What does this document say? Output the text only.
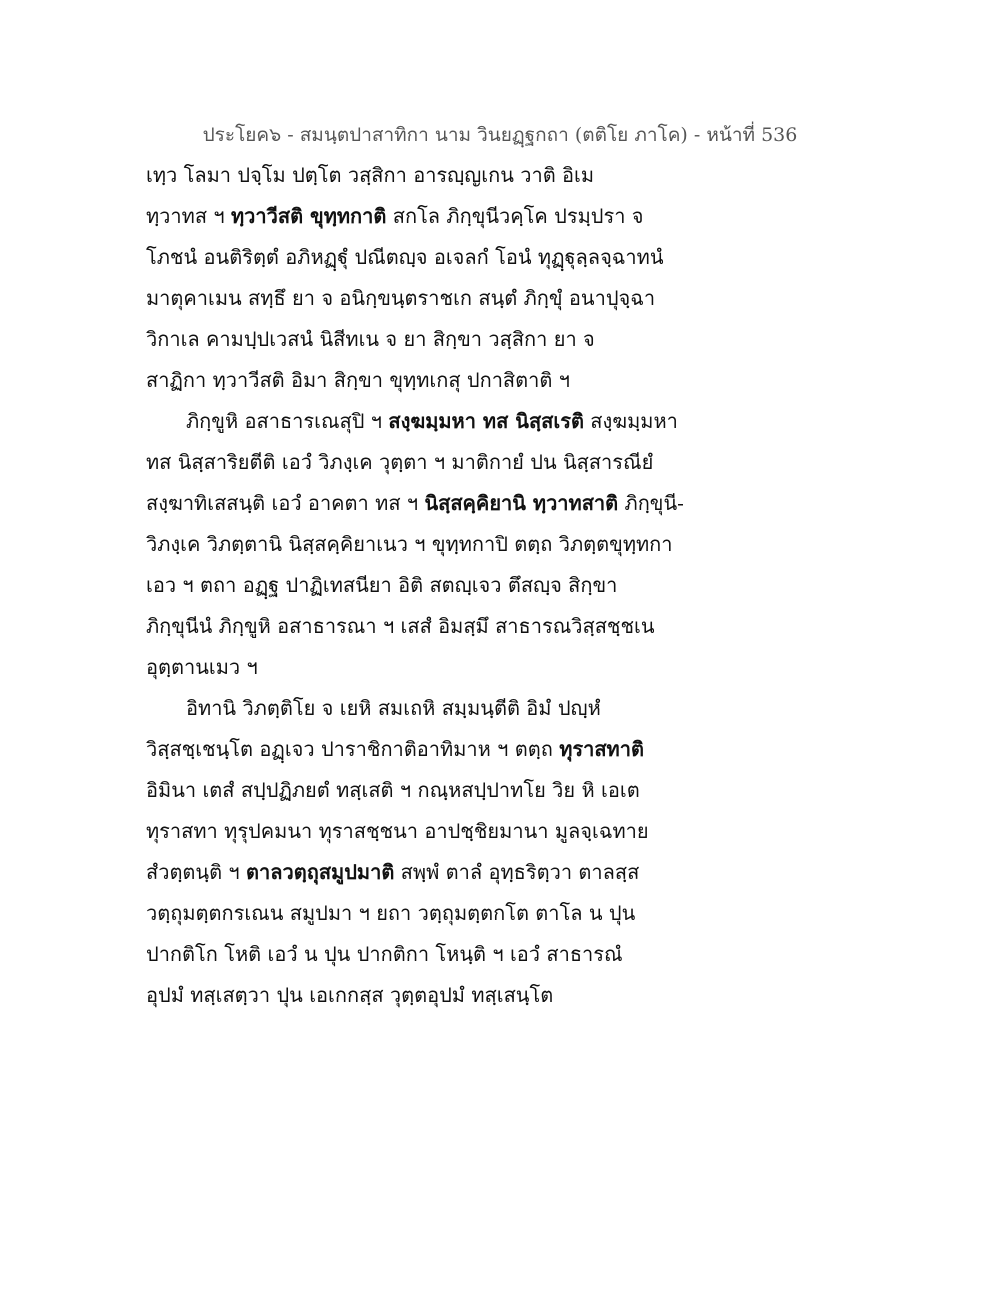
ประโยค๖ - สมนฺตปาสาทิกา นาม วินยฏฺฐกถา (ตติโย ภาโค) - หน้าที่ 536
เทฺว โลมา ปจฺโม ปตฺโต วสฺสิกา อารญฺญเกน วาติ อิเม
ทฺวาทส ฯ ทฺวาวีสติ ขุทฺทกาติ สกโล ภิกฺขุนีวคฺโค ปรมฺปรา จ
โภชนํ อนติริตฺตํ อภิหฏฺฐุํ ปณีตญฺจ อเจลกํ โอนํ ทุฏฺฐุลฺลจฺฉาทนํ
มาตุคาเมน สทฺธึ ยา จ อนิกฺขนฺตราชเก สนฺตํ ภิกฺขุํ อนาปุจฺฉา
วิกาเล คามปฺปเวสนํ นิสีทเน จ ยา สิกฺขา วสฺสิกา ยา จ
สาฏิกา ทฺวาวีสติ อิมา สิกฺขา ขุทฺทเกสุ ปกาสิตาติ ฯ
ภิกฺขูหิ อสาธารเณสุปิ ฯ สงฺฆมฺมหา ทส นิสฺสเรติ สงฺฆมฺมหา
ทส นิสฺสาริยตีติ เอวํ วิภงฺเค วุตฺตา ฯ มาติกายํ ปน นิสฺสารณียํ
สงฺฆาทิเสสนฺติ เอวํ อาคตา ทส ฯ นิสฺสคฺคิยานิ ทฺวาทสาติ ภิกฺขุนี-
วิภงฺเค วิภตฺตานิ นิสฺสคฺคิยาเนว ฯ ขุทฺทกาปิ ตตฺถ วิภตฺตขุทฺทกา
เอว ฯ ตถา อฏฺฐ ปาฏิเทสนียา อิติ สตญฺเจว ตึสญฺจ สิกฺขา
ภิกฺขุนีนํ ภิกฺขูหิ อสาธารณา ฯ เสสํ อิมสฺมึ สาธารณวิสฺสชฺชเน
อุตฺตานเมว ฯ
อิทานิ วิภตฺติโย จ เยหิ สมเถหิ สมฺมนฺตีติ อิมํ ปญฺหํ
วิสฺสชฺเชนฺโต อฏฺเจว ปาราชิกาติอาทิมาห ฯ ตตฺถ ทุราสทาติ
อิมินา เตสํ สปฺปฏิภยตํ ทสฺเสติ ฯ กณฺหสปฺปาทโย วิย หิ เอเต
ทุราสทา ทุรุปคมนา ทุราสชฺชนา อาปชฺชิยมานา มูลจฺเฉทาย
สํวตฺตนฺติ ฯ ตาลวตฺถุสมูปมาติ สพฺพํ ตาลํ อุทฺธริตฺวา ตาลสฺส
วตฺถุมตฺตกรเณน สมูปมา ฯ ยถา วตฺถุมตฺตกโต ตาโล น ปุน
ปากติโก โหติ เอวํ น ปุน ปากติกา โหนฺติ ฯ เอวํ สาธารณํ
อุปมํ ทสฺเสตฺวา ปุน เอเกกสฺส วุตฺตอุปมํ ทสฺเสนฺโต
